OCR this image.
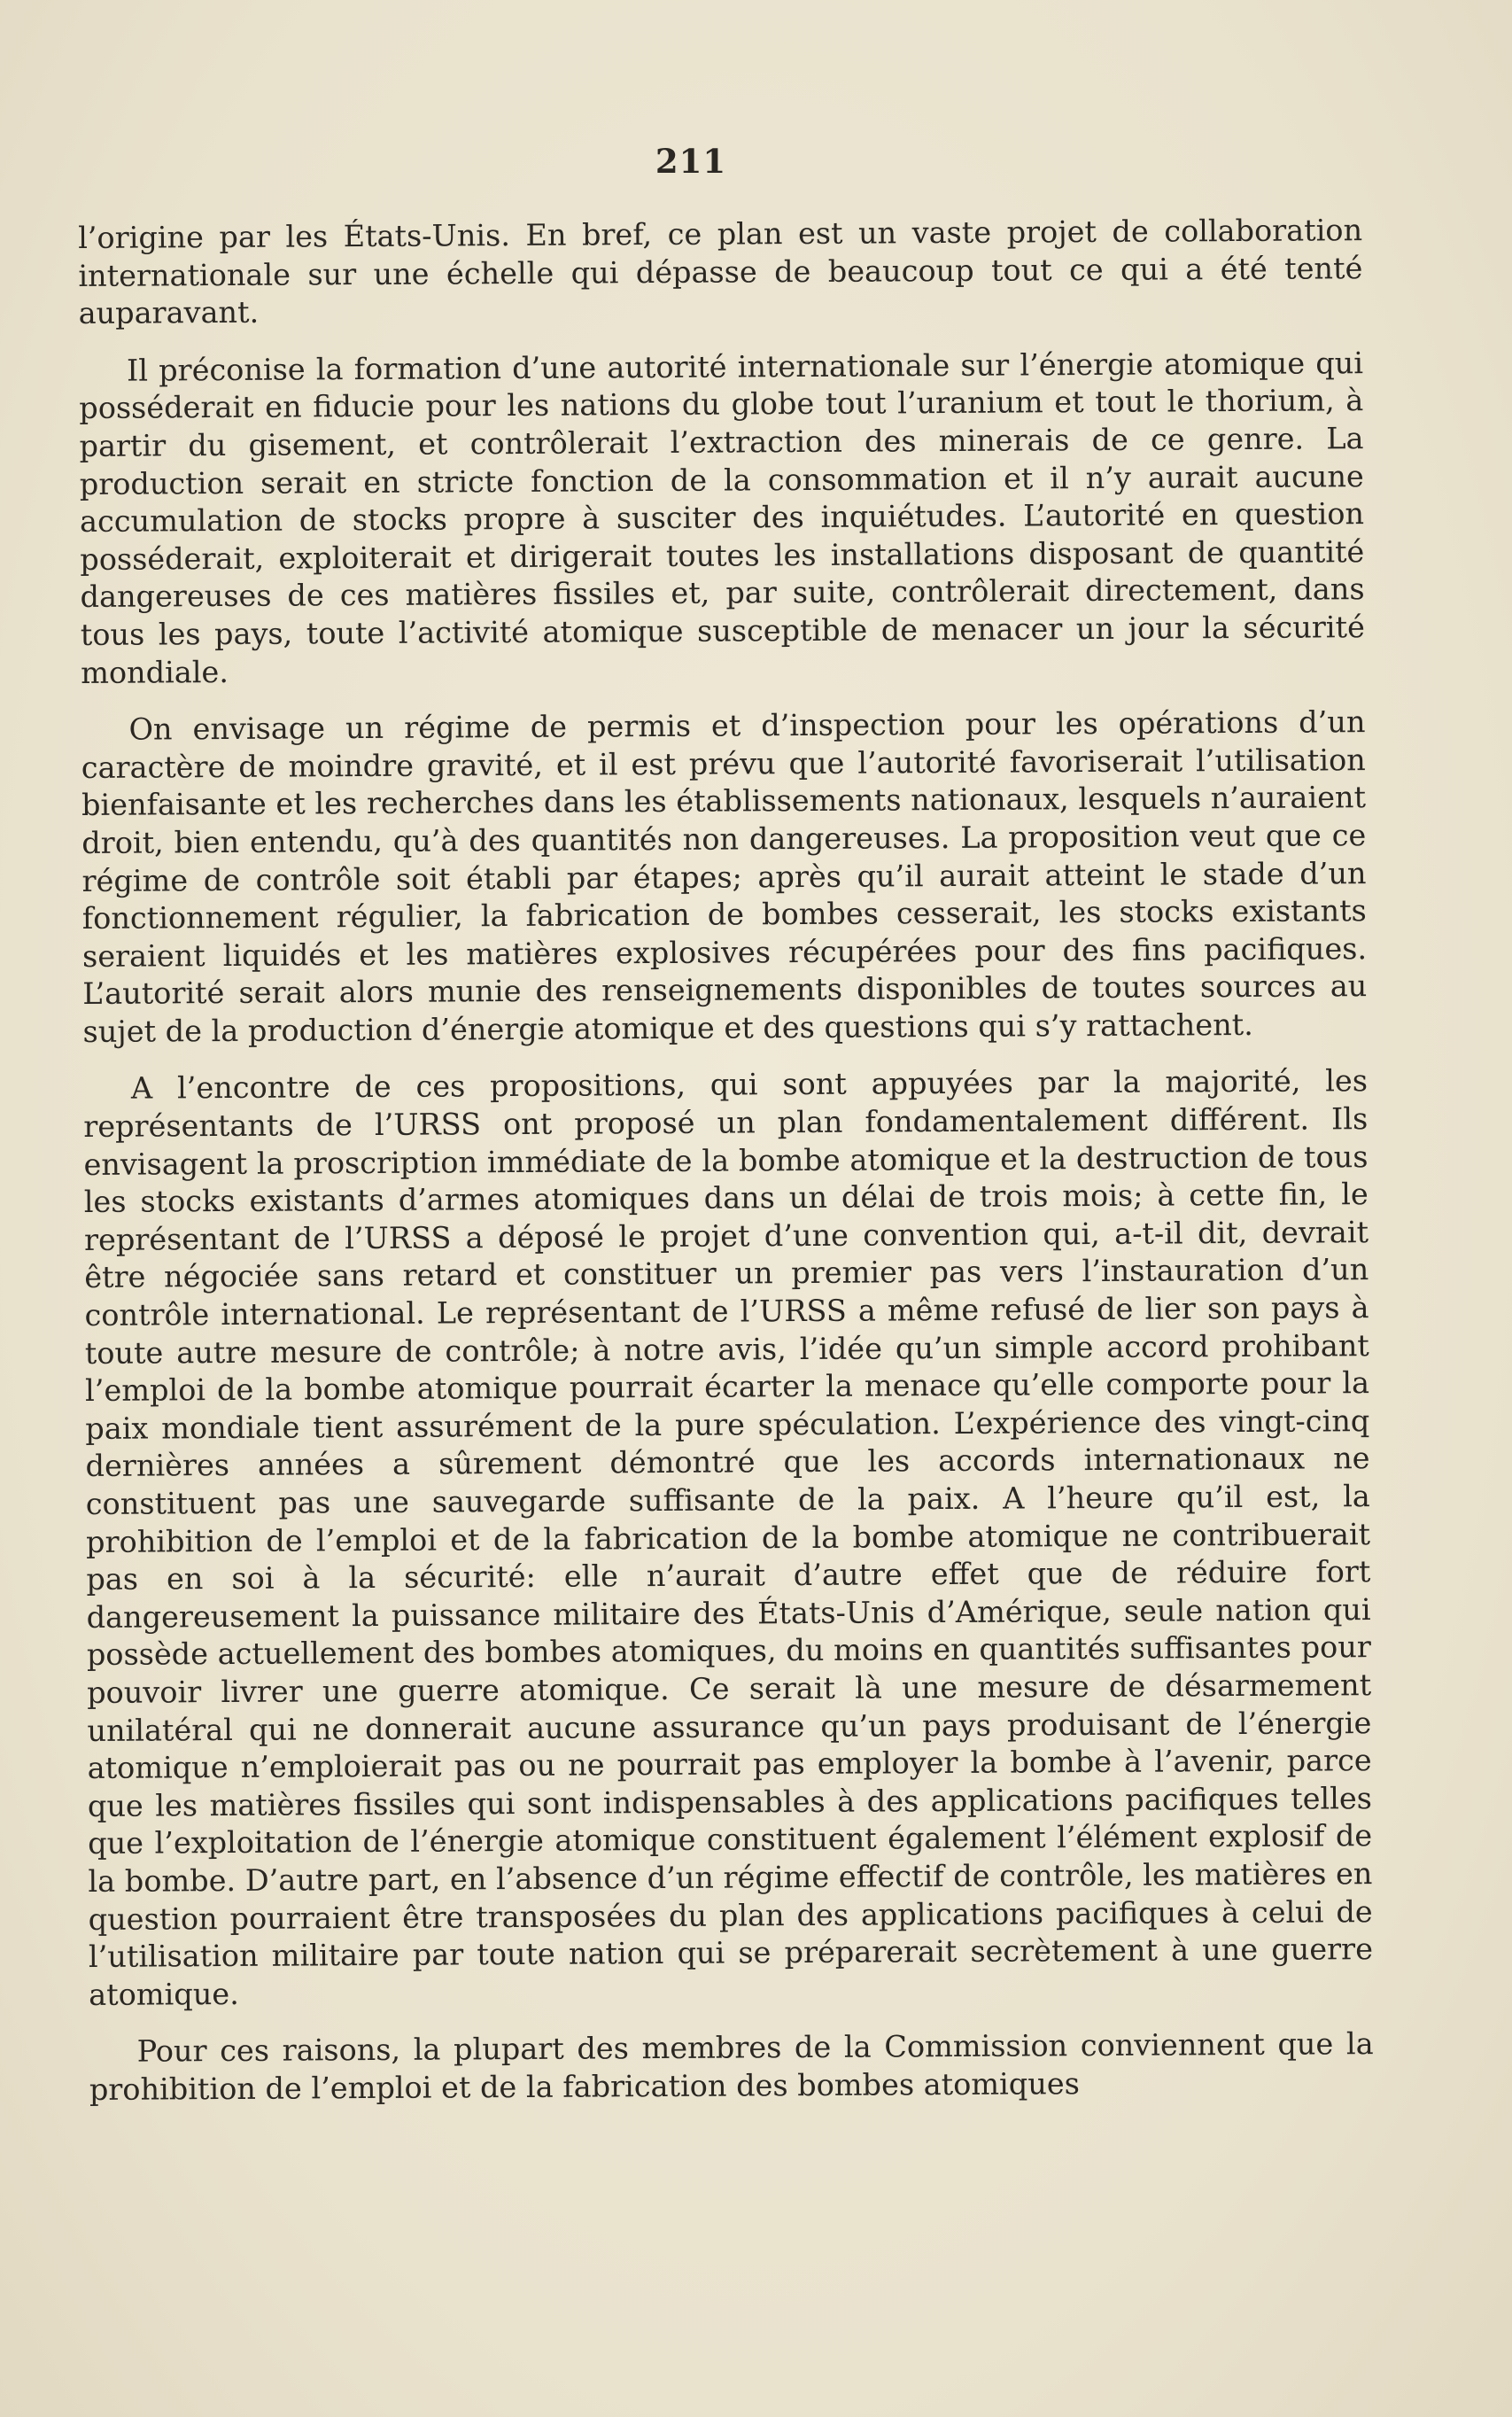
211

l’origine par les États-Unis. En bref, ce plan est un vaste projet de collaboration internationale sur une échelle qui dépasse de beaucoup tout ce qui a été tenté auparavant.

Il préconise la formation d’une autorité internationale sur l’énergie atomique qui posséderait en fiducie pour les nations du globe tout l’uranium et tout le thorium, à partir du gisement, et contrôlerait l’extraction des minerais de ce genre. La production serait en stricte fonction de la consommation et il n’y aurait aucune accumulation de stocks propre à susciter des inquiétudes. L’autorité en question posséderait, exploiterait et dirigerait toutes les installations disposant de quantité dangereuses de ces matières fissiles et, par suite, contrôlerait directement, dans tous les pays, toute l’activité atomique susceptible de menacer un jour la sécurité mondiale.

On envisage un régime de permis et d’inspection pour les opérations d’un caractère de moindre gravité, et il est prévu que l’autorité favoriserait l’utilisation bienfaisante et les recherches dans les établissements nationaux, lesquels n’auraient droit, bien entendu, qu’à des quantités non dangereuses. La proposition veut que ce régime de contrôle soit établi par étapes; après qu’il aurait atteint le stade d’un fonctionnement régulier, la fabrication de bombes cesserait, les stocks existants seraient liquidés et les matières explosives récupérées pour des fins pacifiques. L’autorité serait alors munie des renseignements disponibles de toutes sources au sujet de la production d’énergie atomique et des questions qui s’y rattachent.

A l’encontre de ces propositions, qui sont appuyées par la majorité, les représentants de l’URSS ont proposé un plan fondamentalement différent. Ils envisagent la proscription immédiate de la bombe atomique et la destruction de tous les stocks existants d’armes atomiques dans un délai de trois mois; à cette fin, le représentant de l’URSS a déposé le projet d’une convention qui, a-t-il dit, devrait être négociée sans retard et constituer un premier pas vers l’instauration d’un contrôle international. Le représentant de l’URSS a même refusé de lier son pays à toute autre mesure de contrôle; à notre avis, l’idée qu’un simple accord prohibant l’emploi de la bombe atomique pourrait écarter la menace qu’elle comporte pour la paix mondiale tient assurément de la pure spéculation. L’expérience des vingt-cinq dernières années a sûrement démontré que les accords internationaux ne constituent pas une sauvegarde suffisante de la paix. A l’heure qu’il est, la prohibition de l’emploi et de la fabrication de la bombe atomique ne contribuerait pas en soi à la sécurité: elle n’aurait d’autre effet que de réduire fort dangereusement la puissance militaire des États-Unis d’Amérique, seule nation qui possède actuellement des bombes atomiques, du moins en quantités suffisantes pour pouvoir livrer une guerre atomique. Ce serait là une mesure de désarmement unilatéral qui ne donnerait aucune assurance qu’un pays produisant de l’énergie atomique n’emploierait pas ou ne pourrait pas employer la bombe à l’avenir, parce que les matières fissiles qui sont indispensables à des applications pacifiques telles que l’exploitation de l’énergie atomique constituent également l’élément explosif de la bombe. D’autre part, en l’absence d’un régime effectif de contrôle, les matières en question pourraient être transposées du plan des applications pacifiques à celui de l’utilisation militaire par toute nation qui se préparerait secrètement à une guerre atomique.

Pour ces raisons, la plupart des membres de la Commission conviennent que la prohibition de l’emploi et de la fabrication des bombes atomiques
